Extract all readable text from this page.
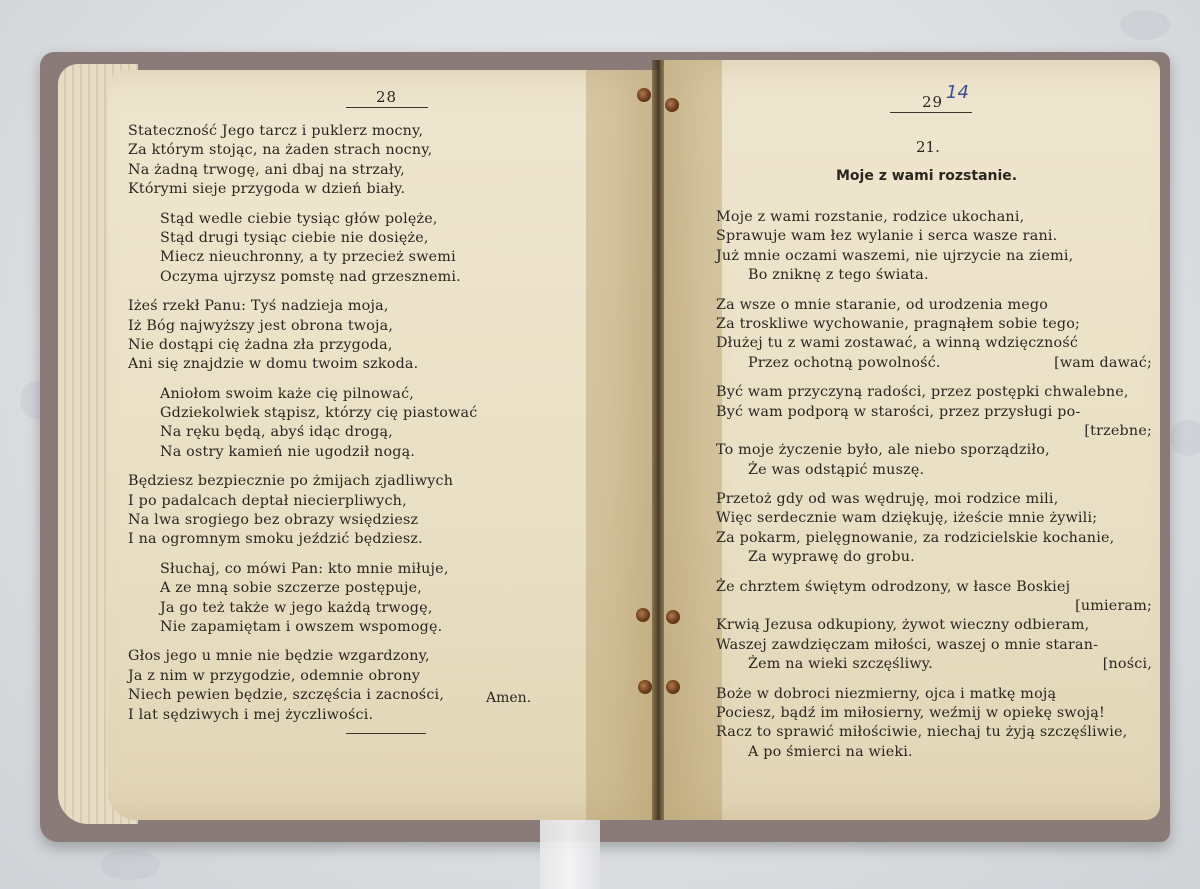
28
Stateczność Jego tarcz i puklerz mocny,
Za którym stojąc, na żaden strach nocny,
Na żadną trwogę, ani dbaj na strzały,
Którymi sieje przygoda w dzień biały.
Stąd wedle ciebie tysiąc głów polęże,
Stąd drugi tysiąc ciebie nie dosięże,
Miecz nieuchronny, a ty przecież swemi
Oczyma ujrzysz pomstę nad grzesznemi.
Iżeś rzekł Panu: Tyś nadzieja moja,
Iż Bóg najwyższy jest obrona twoja,
Nie dostąpi cię żadna zła przygoda,
Ani się znajdzie w domu twoim szkoda.
Aniołom swoim każe cię pilnować,
Gdziekolwiek stąpisz, którzy cię piastować
Na ręku będą, abyś idąc drogą,
Na ostry kamień nie ugodził nogą.
Będziesz bezpiecznie po żmijach zjadliwych
I po padalcach deptał niecierpliwych,
Na lwa srogiego bez obrazy wsiędziesz
I na ogromnym smoku jeździć będziesz.
Słuchaj, co mówi Pan: kto mnie miłuje,
A ze mną sobie szczerze postępuje,
Ja go też także w jego każdą trwogę,
Nie zapamiętam i owszem wspomogę.
Głos jego u mnie nie będzie wzgardzony,
Ja z nim w przygodzie, odemnie obrony
Niech pewien będzie, szczęścia i zacności,
I lat sędziwych i mej życzliwości.
Amen.
29 14
21.
Moje z wami rozstanie.
Moje z wami rozstanie, rodzice ukochani,
Sprawuje wam łez wylanie i serca wasze rani.
Już mnie oczami waszemi, nie ujrzycie na ziemi,
Bo zniknę z tego świata.
Za wsze o mnie staranie, od urodzenia mego
Za troskliwe wychowanie, pragnąłem sobie tego;
Dłużej tu z wami zostawać, a winną wdzięczność
Przez ochotną powolność.	[wam dawać;
Być wam przyczyną radości, przez postępki chwalebne,
Być wam podporą w starości, przez przysługi po-
[trzebne;
To moje życzenie było, ale niebo sporządziło,
Że was odstąpić muszę.
Przetoż gdy od was wędruję, moi rodzice mili,
Więc serdecznie wam dziękuję, iżeście mnie żywili;
Za pokarm, pielęgnowanie, za rodzicielskie kochanie,
Za wyprawę do grobu.
Że chrztem świętym odrodzony, w łasce Boskiej
[umieram;
Krwią Jezusa odkupiony, żywot wieczny odbieram,
Waszej zawdzięczam miłości, waszej o mnie staran-
Żem na wieki szczęśliwy.	[ności,
Boże w dobroci niezmierny, ojca i matkę moją
Pociesz, bądź im miłosierny, weźmij w opiekę swoją!
Racz to sprawić miłościwie, niechaj tu żyją szczęśliwie,
A po śmierci na wieki.
